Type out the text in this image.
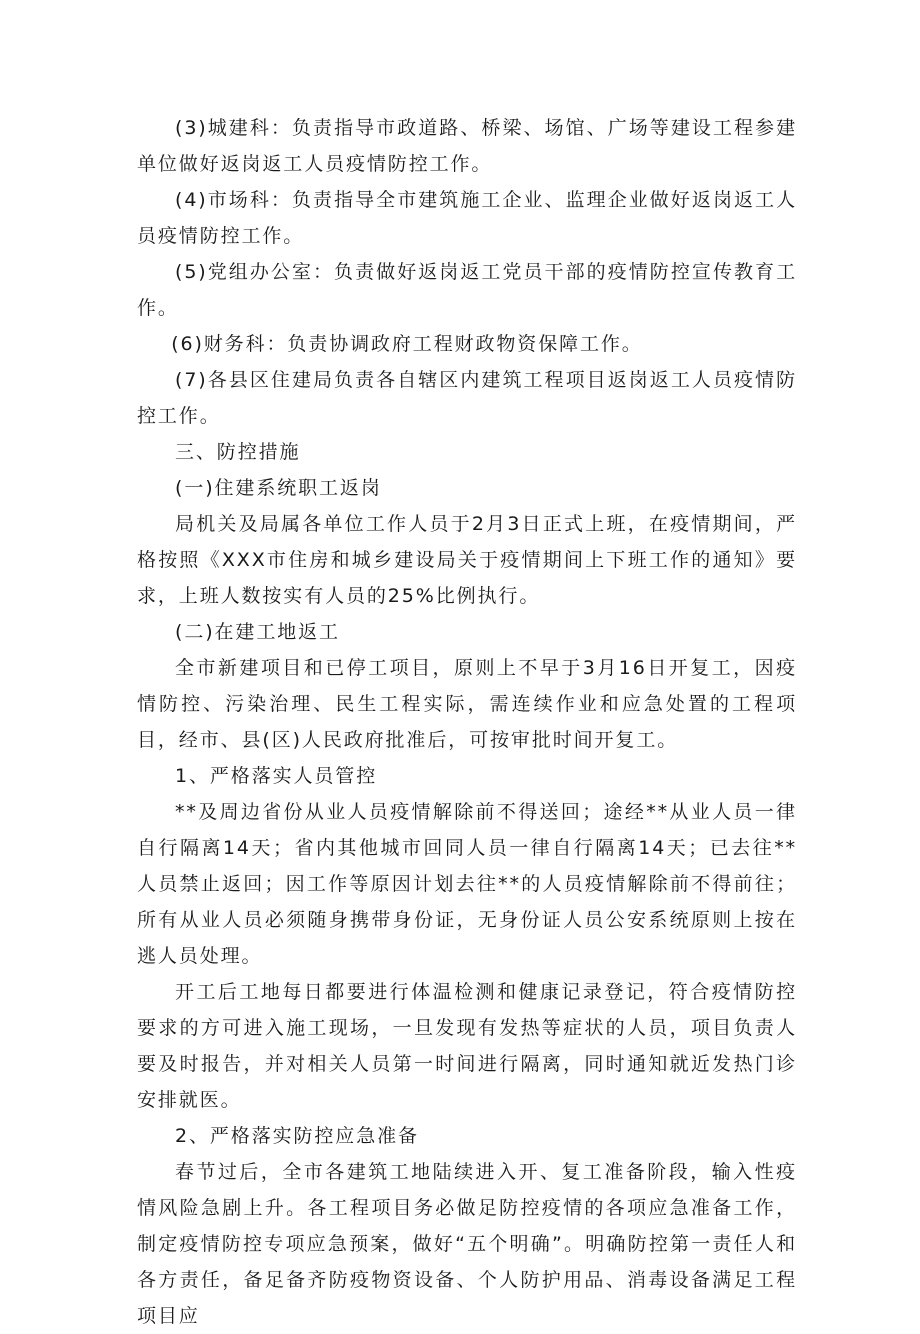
(3)城建科：负责指导市政道路、桥梁、场馆、广场等建设工程参建单位做好返岗返工人员疫情防控工作。

(4)市场科：负责指导全市建筑施工企业、监理企业做好返岗返工人员疫情防控工作。

(5)党组办公室：负责做好返岗返工党员干部的疫情防控宣传教育工作。

(6)财务科：负责协调政府工程财政物资保障工作。

(7)各县区住建局负责各自辖区内建筑工程项目返岗返工人员疫情防控工作。

三、防控措施

(一)住建系统职工返岗

局机关及局属各单位工作人员于2月3日正式上班，在疫情期间，严格按照《XXX市住房和城乡建设局关于疫情期间上下班工作的通知》要求，上班人数按实有人员的25%比例执行。

(二)在建工地返工

全市新建项目和已停工项目，原则上不早于3月16日开复工，因疫情防控、污染治理、民生工程实际，需连续作业和应急处置的工程项目，经市、县(区)人民政府批准后，可按审批时间开复工。

1、严格落实人员管控

**及周边省份从业人员疫情解除前不得送回；途经**从业人员一律自行隔离14天；省内其他城市回同人员一律自行隔离14天；已去往**人员禁止返回；因工作等原因计划去往**的人员疫情解除前不得前往；所有从业人员必须随身携带身份证，无身份证人员公安系统原则上按在逃人员处理。

开工后工地每日都要进行体温检测和健康记录登记，符合疫情防控要求的方可进入施工现场，一旦发现有发热等症状的人员，项目负责人要及时报告，并对相关人员第一时间进行隔离，同时通知就近发热门诊安排就医。

2、严格落实防控应急准备

春节过后，全市各建筑工地陆续进入开、复工准备阶段，输入性疫情风险急剧上升。各工程项目务必做足防控疫情的各项应急准备工作，制定疫情防控专项应急预案，做好“五个明确”。明确防控第一责任人和各方责任，备足备齐防疫物资设备、个人防护用品、消毒设备满足工程项目应
